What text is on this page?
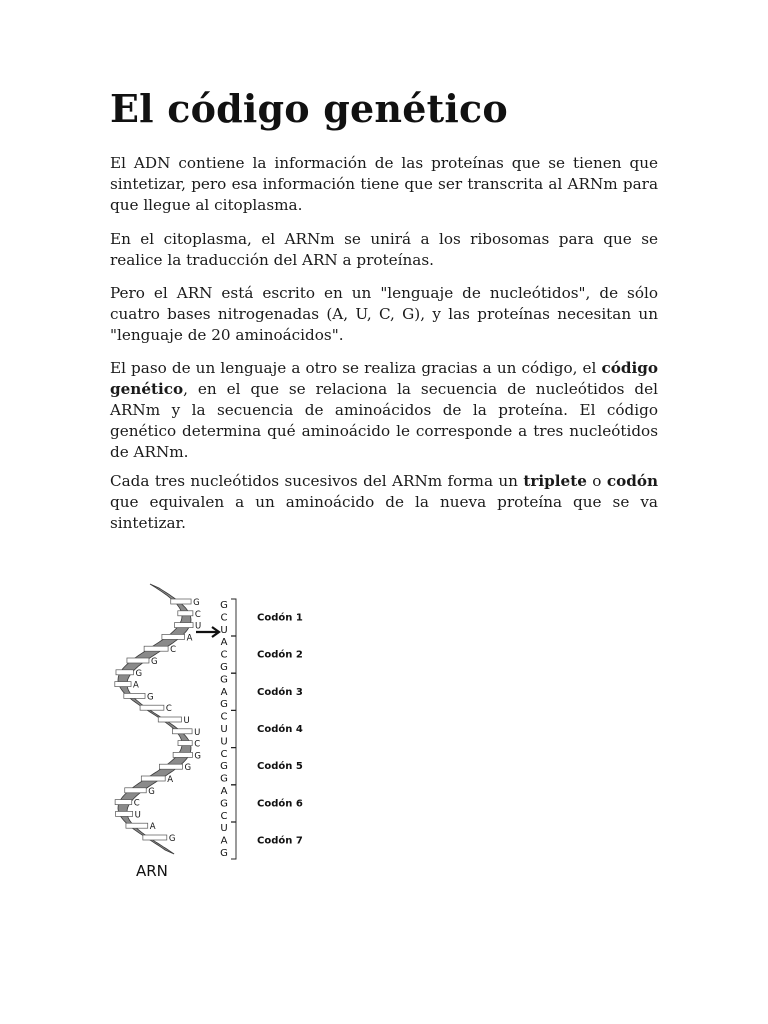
El código genético

El ADN contiene la información de las proteínas que se tienen que sintetizar, pero esa información tiene que ser transcrita al ARNm para que llegue al citoplasma.

En el citoplasma, el ARNm se unirá a los ribosomas para que se realice la traducción del ARN a proteínas.

Pero el ARN está escrito en un "lenguaje de nucleótidos", de sólo cuatro bases nitrogenadas (A, U, C, G), y las proteínas necesitan un "lenguaje de 20 aminoácidos".

El paso de un lenguaje a otro se realiza gracias a un código, el código genético, en el que se relaciona la secuencia de nucleótidos del ARNm y la secuencia de aminoácidos de la proteína. El código genético determina qué aminoácido le corresponde a tres nucleótidos de ARNm.

Cada tres nucleótidos sucesivos del ARNm forma un triplete o codón que equivalen a un aminoácido de la nueva proteína que se va sintetizar.

G
C
U
A
C
G
G
A
G
C
U
U
C
G
G
A
G
C
U
A
G
G
C
U
A
C
G
G
A
G
C
U
U
C
G
G
A
G
C
U
A
G
Codón 1
Codón 2
Codón 3
Codón 4
Codón 5
Codón 6
Codón 7
ARN
